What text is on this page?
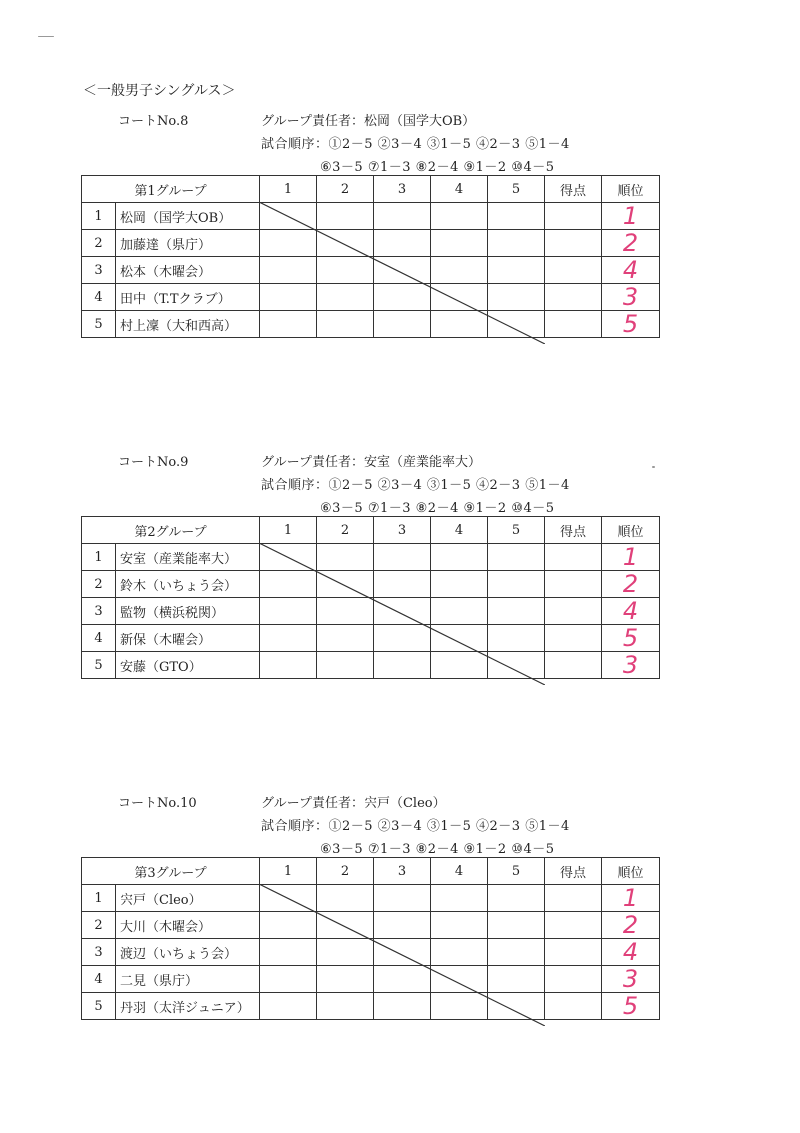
＜一般男子シングルス＞
コートNo.8	グループ責任者：松岡（国学大OB）
試合順序：①2－5 ②3－4 ③1－5 ④2－3 ⑤1－4
⑥3－5 ⑦1－3 ⑧2－4 ⑨1－2 ⑩4－5
第1グループ		1	2	3	4	5	得点	順位
1	松岡（国学大OB）							1
2	加藤達（県庁）							2
3	松本（木曜会）							4
4	田中（T.Tクラブ）							3
5	村上凜（大和西高）							5
コートNo.9	グループ責任者：安室（産業能率大）
試合順序：①2－5 ②3－4 ③1－5 ④2－3 ⑤1－4
⑥3－5 ⑦1－3 ⑧2－4 ⑨1－2 ⑩4－5
第2グループ		1	2	3	4	5	得点	順位
1	安室（産業能率大）							1
2	鈴木（いちょう会）							2
3	監物（横浜税関）							4
4	新保（木曜会）							5
5	安藤（GTO）							3
コートNo.10	グループ責任者：宍戸（Cleo）
試合順序：①2－5 ②3－4 ③1－5 ④2－3 ⑤1－4
⑥3－5 ⑦1－3 ⑧2－4 ⑨1－2 ⑩4－5
第3グループ		1	2	3	4	5	得点	順位
1	宍戸（Cleo）							1
2	大川（木曜会）							2
3	渡辺（いちょう会）							4
4	二見（県庁）							3
5	丹羽（太洋ジュニア）							5
